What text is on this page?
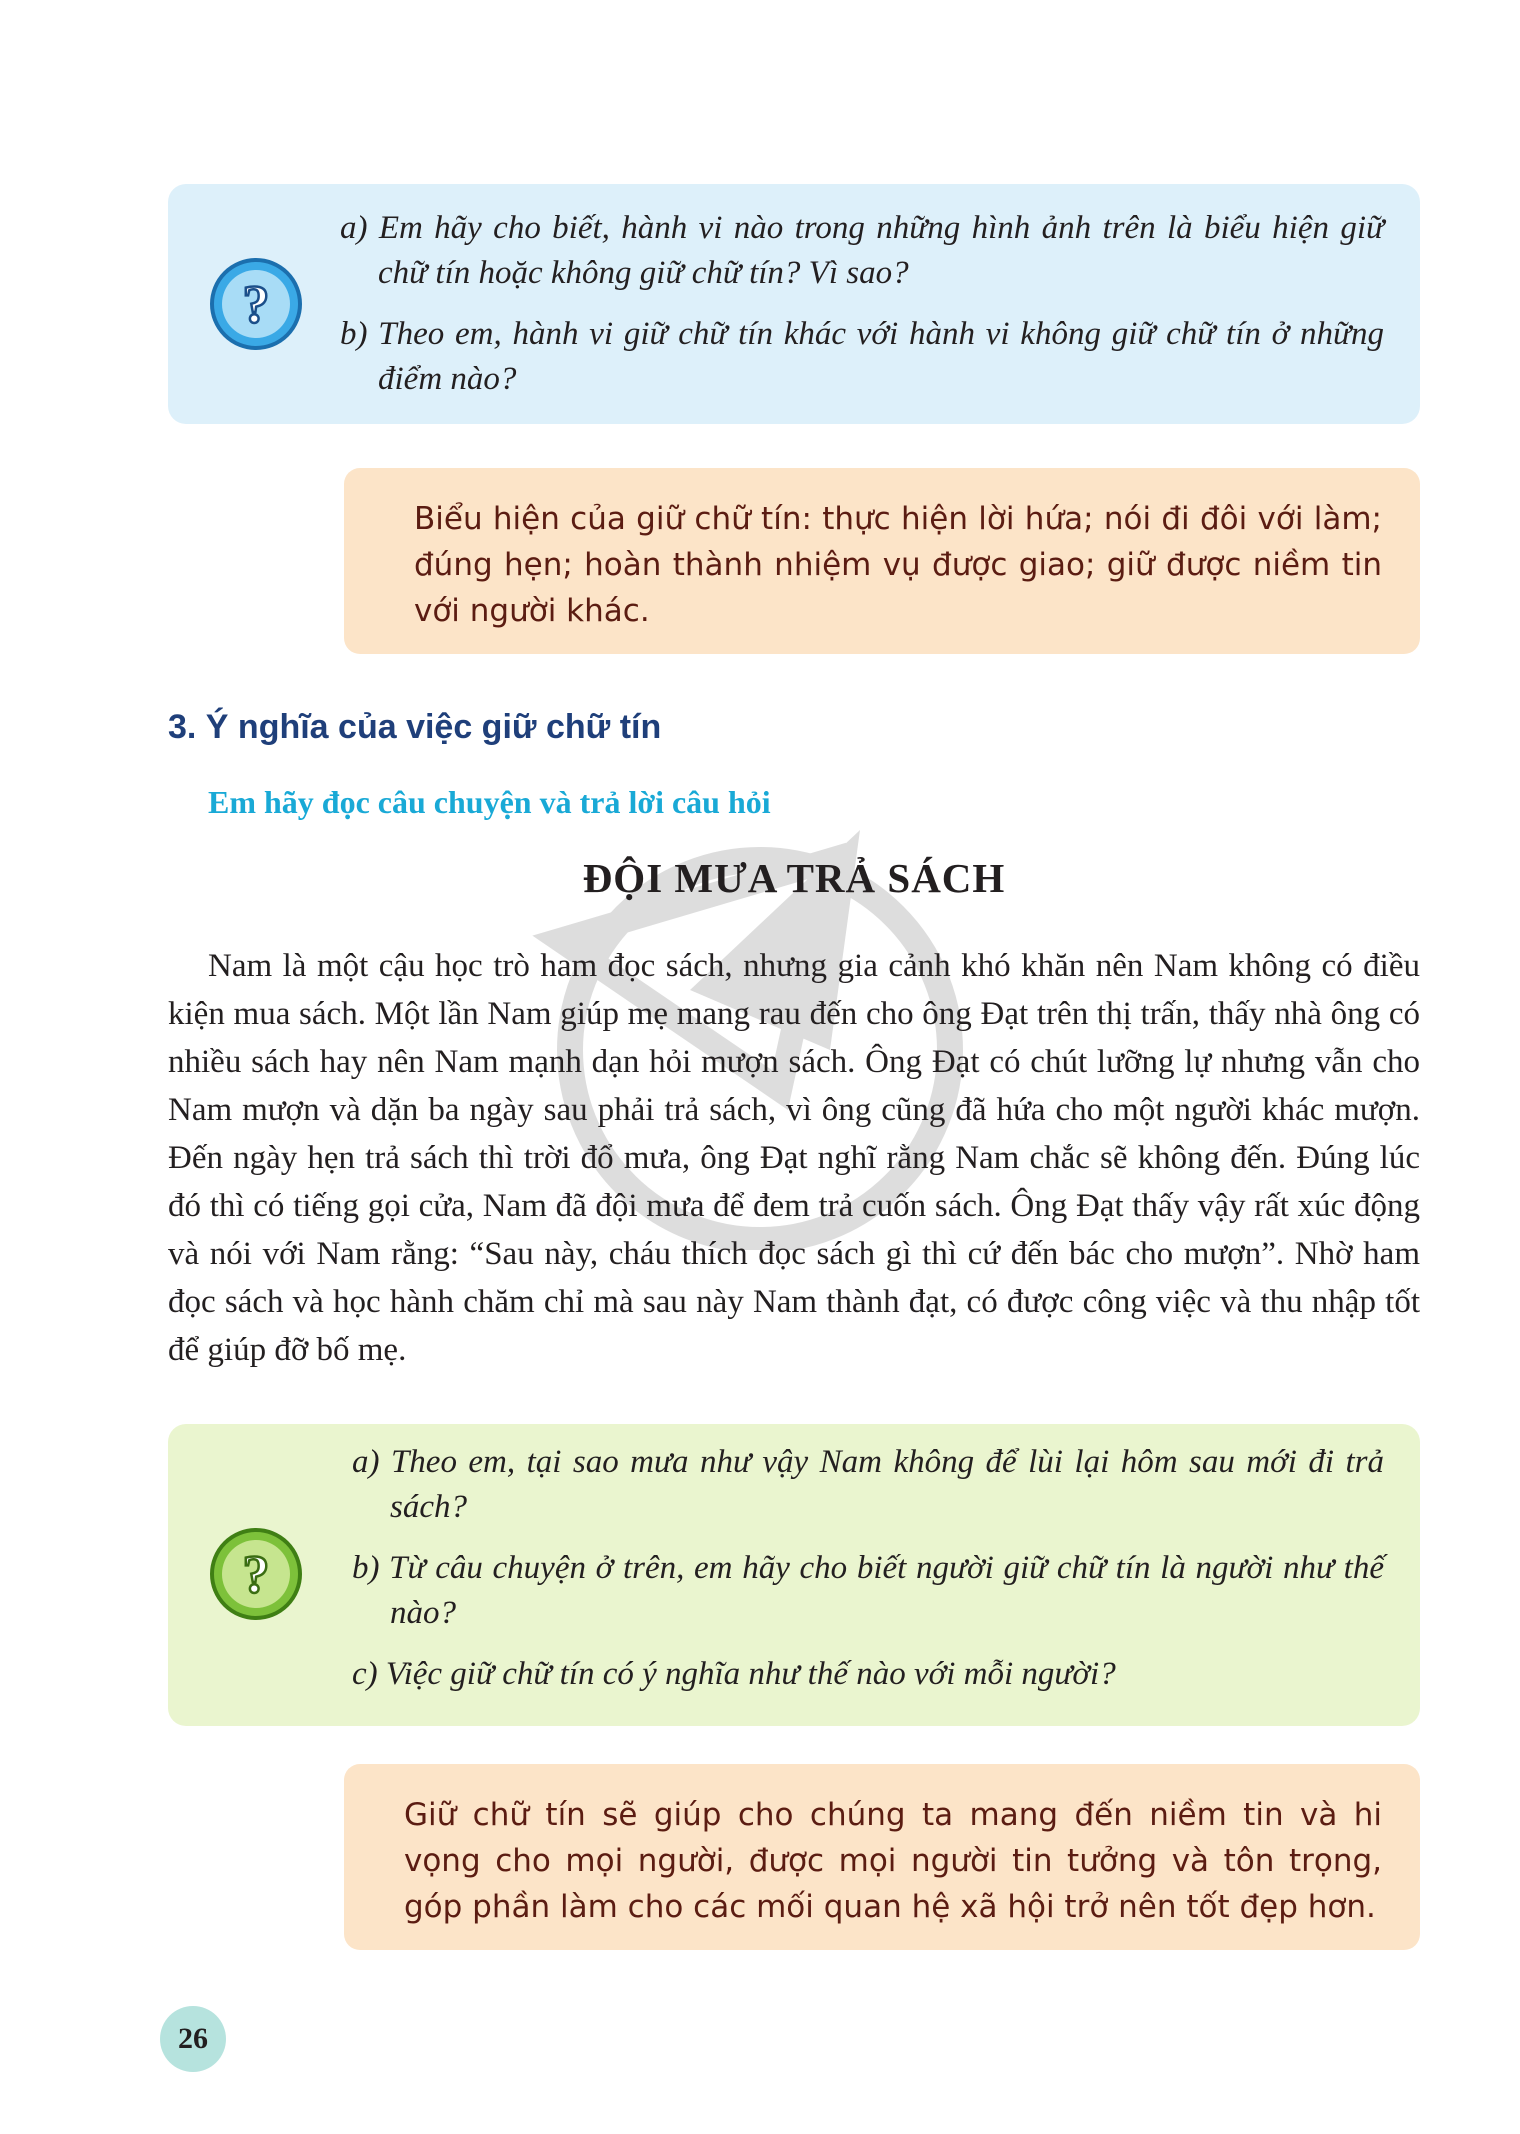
?
a) Em hãy cho biết, hành vi nào trong những hình ảnh trên là biểu hiện giữ chữ tín hoặc không giữ chữ tín? Vì sao?
b) Theo em, hành vi giữ chữ tín khác với hành vi không giữ chữ tín ở những điểm nào?

Biểu hiện của giữ chữ tín: thực hiện lời hứa; nói đi đôi với làm; đúng hẹn; hoàn thành nhiệm vụ được giao; giữ được niềm tin với người khác.

3. Ý nghĩa của việc giữ chữ tín
Em hãy đọc câu chuyện và trả lời câu hỏi
ĐỘI MƯA TRẢ SÁCH

Nam là một cậu học trò ham đọc sách, nhưng gia cảnh khó khăn nên Nam không có điều kiện mua sách. Một lần Nam giúp mẹ mang rau đến cho ông Đạt trên thị trấn, thấy nhà ông có nhiều sách hay nên Nam mạnh dạn hỏi mượn sách. Ông Đạt có chút lưỡng lự nhưng vẫn cho Nam mượn và dặn ba ngày sau phải trả sách, vì ông cũng đã hứa cho một người khác mượn. Đến ngày hẹn trả sách thì trời đổ mưa, ông Đạt nghĩ rằng Nam chắc sẽ không đến. Đúng lúc đó thì có tiếng gọi cửa, Nam đã đội mưa để đem trả cuốn sách. Ông Đạt thấy vậy rất xúc động và nói với Nam rằng: “Sau này, cháu thích đọc sách gì thì cứ đến bác cho mượn”. Nhờ ham đọc sách và học hành chăm chỉ mà sau này Nam thành đạt, có được công việc và thu nhập tốt để giúp đỡ bố mẹ.

?
a) Theo em, tại sao mưa như vậy Nam không để lùi lại hôm sau mới đi trả sách?
b) Từ câu chuyện ở trên, em hãy cho biết người giữ chữ tín là người như thế nào?
c) Việc giữ chữ tín có ý nghĩa như thế nào với mỗi người?

Giữ chữ tín sẽ giúp cho chúng ta mang đến niềm tin và hi vọng cho mọi người, được mọi người tin tưởng và tôn trọng, góp phần làm cho các mối quan hệ xã hội trở nên tốt đẹp hơn.

26
